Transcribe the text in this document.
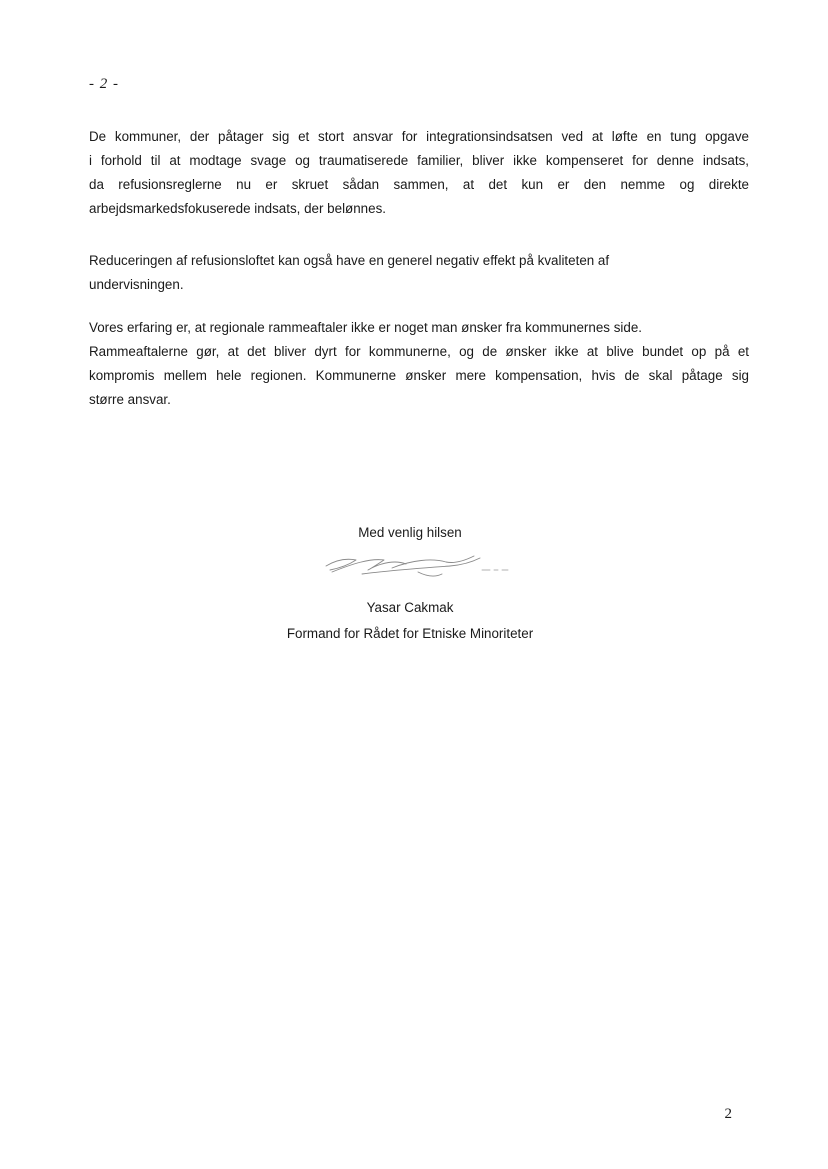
- 2 -

De kommuner, der påtager sig et stort ansvar for integrationsindsatsen ved at løfte en tung opgave

i forhold til at modtage svage og traumatiserede familier, bliver ikke kompenseret for denne indsats,

da refusionsreglerne nu er skruet sådan sammen, at det kun er den nemme og direkte

arbejdsmarkedsfokuserede indsats, der belønnes.

Reduceringen af refusionsloftet kan også have en generel negativ effekt på kvaliteten af

undervisningen.

Vores erfaring er, at regionale rammeaftaler ikke er noget man ønsker fra kommunernes side.

Rammeaftalerne gør, at det bliver dyrt for kommunerne, og de ønsker ikke at blive bundet op på et

kompromis mellem hele regionen. Kommunerne ønsker mere kompensation, hvis de skal påtage sig

større ansvar.

Med venlig hilsen
Yasar Cakmak
Formand for Rådet for Etniske Minoriteter
2
